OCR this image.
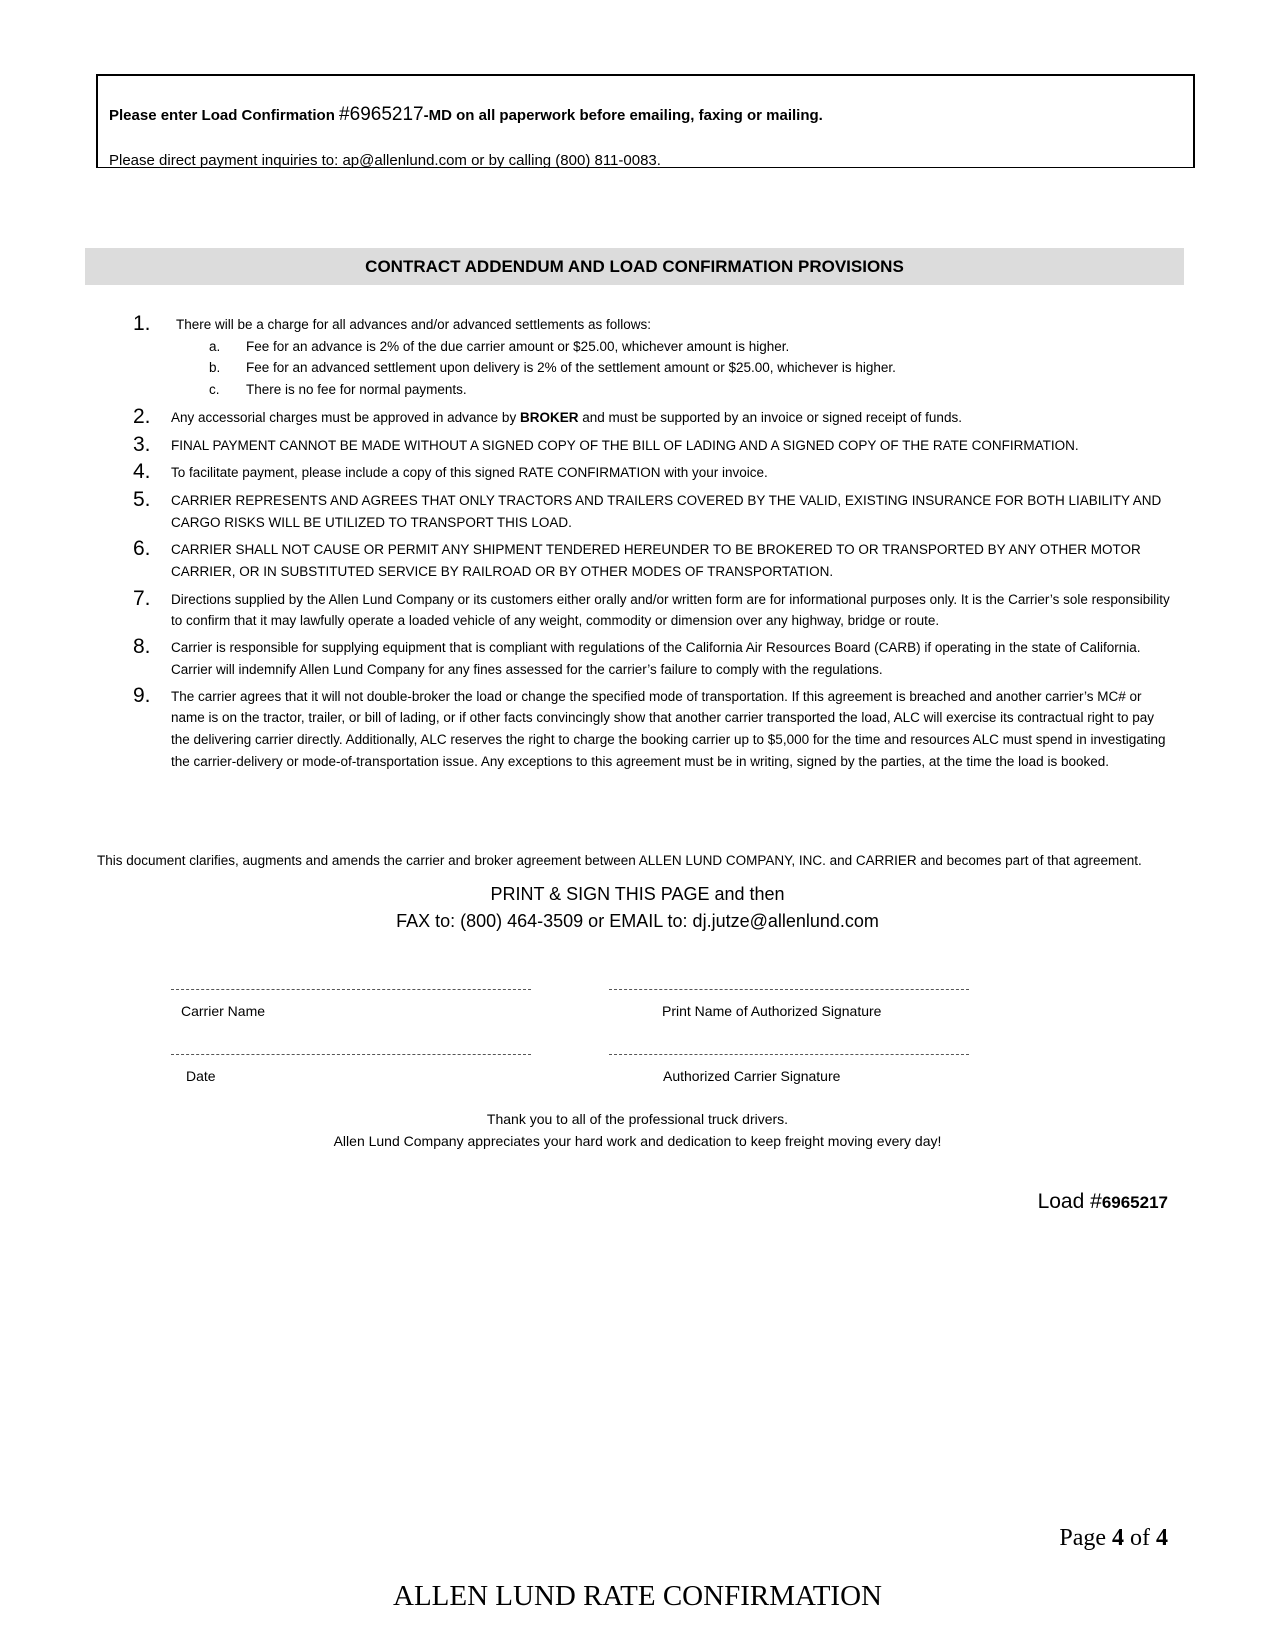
Please enter Load Confirmation #6965217-MD on all paperwork before emailing, faxing or mailing.
Please direct payment inquiries to: ap@allenlund.com or by calling (800) 811-0083.
CONTRACT ADDENDUM AND LOAD CONFIRMATION PROVISIONS
1. There will be a charge for all advances and/or advanced settlements as follows:
a. Fee for an advance is 2% of the due carrier amount or $25.00, whichever amount is higher.
b. Fee for an advanced settlement upon delivery is 2% of the settlement amount or $25.00, whichever is higher.
c. There is no fee for normal payments.
2. Any accessorial charges must be approved in advance by BROKER and must be supported by an invoice or signed receipt of funds.
3. FINAL PAYMENT CANNOT BE MADE WITHOUT A SIGNED COPY OF THE BILL OF LADING AND A SIGNED COPY OF THE RATE CONFIRMATION.
4. To facilitate payment, please include a copy of this signed RATE CONFIRMATION with your invoice.
5. CARRIER REPRESENTS AND AGREES THAT ONLY TRACTORS AND TRAILERS COVERED BY THE VALID, EXISTING INSURANCE FOR BOTH LIABILITY AND CARGO RISKS WILL BE UTILIZED TO TRANSPORT THIS LOAD.
6. CARRIER SHALL NOT CAUSE OR PERMIT ANY SHIPMENT TENDERED HEREUNDER TO BE BROKERED TO OR TRANSPORTED BY ANY OTHER MOTOR CARRIER, OR IN SUBSTITUTED SERVICE BY RAILROAD OR BY OTHER MODES OF TRANSPORTATION.
7. Directions supplied by the Allen Lund Company or its customers either orally and/or written form are for informational purposes only. It is the Carrier’s sole responsibility to confirm that it may lawfully operate a loaded vehicle of any weight, commodity or dimension over any highway, bridge or route.
8. Carrier is responsible for supplying equipment that is compliant with regulations of the California Air Resources Board (CARB) if operating in the state of California. Carrier will indemnify Allen Lund Company for any fines assessed for the carrier’s failure to comply with the regulations.
9. The carrier agrees that it will not double-broker the load or change the specified mode of transportation. If this agreement is breached and another carrier’s MC# or name is on the tractor, trailer, or bill of lading, or if other facts convincingly show that another carrier transported the load, ALC will exercise its contractual right to pay the delivering carrier directly. Additionally, ALC reserves the right to charge the booking carrier up to $5,000 for the time and resources ALC must spend in investigating the carrier-delivery or mode-of-transportation issue. Any exceptions to this agreement must be in writing, signed by the parties, at the time the load is booked.
This document clarifies, augments and amends the carrier and broker agreement between ALLEN LUND COMPANY, INC. and CARRIER and becomes part of that agreement.
PRINT & SIGN THIS PAGE and then
FAX to: (800) 464-3509 or EMAIL to: dj.jutze@allenlund.com
Carrier Name	Print Name of Authorized Signature
Date	Authorized Carrier Signature
Thank you to all of the professional truck drivers.
Allen Lund Company appreciates your hard work and dedication to keep freight moving every day!
Load #6965217
Page 4 of 4
ALLEN LUND RATE CONFIRMATION
